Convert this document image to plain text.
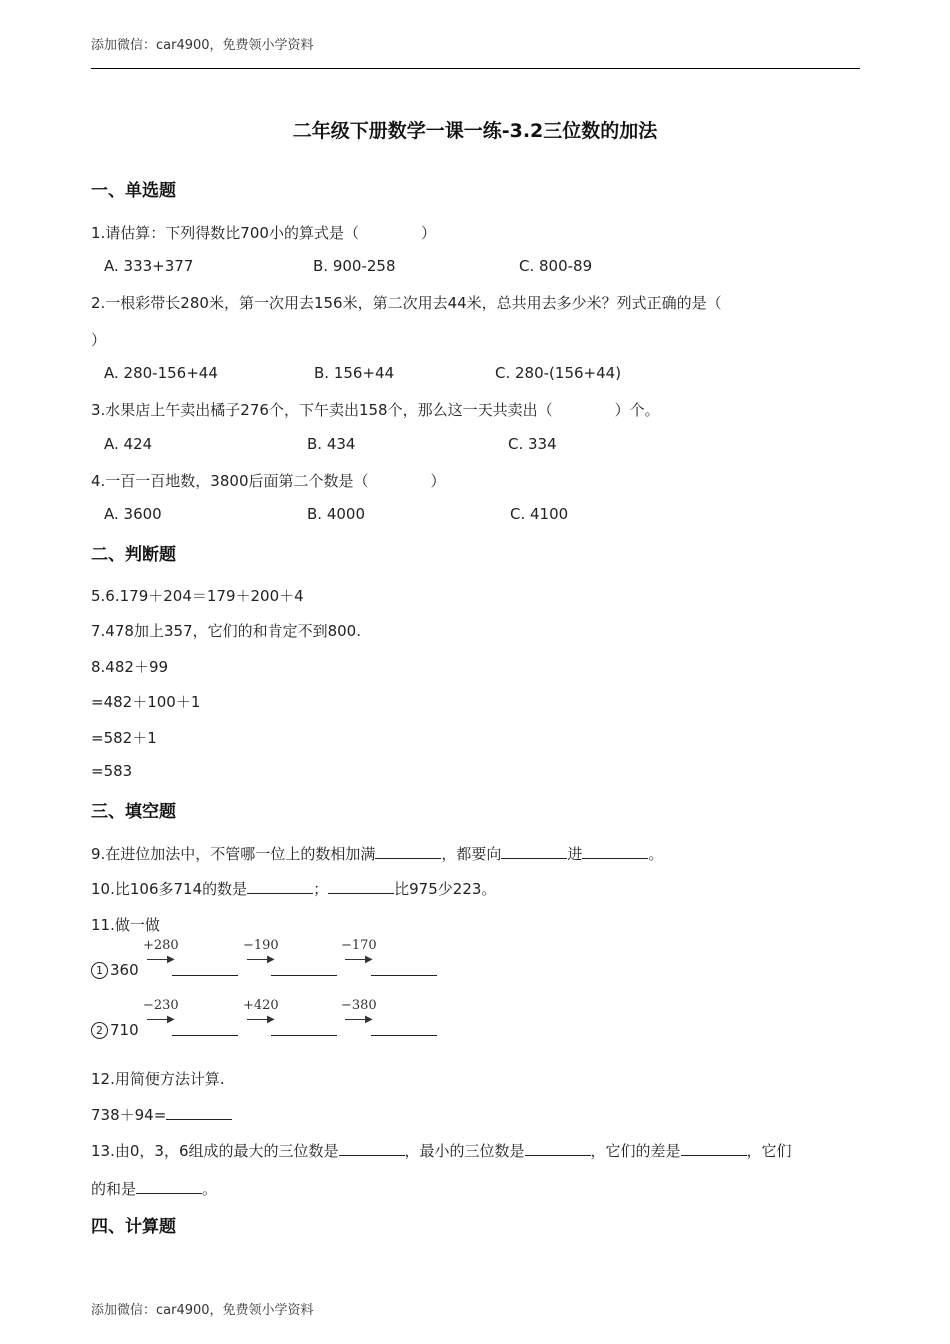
添加微信：car4900，免费领小学资料
二年级下册数学一课一练-3.2三位数的加法
一、单选题
1.请估算：下列得数比700小的算式是（	）
A. 333+377	B. 900-258	C. 800-89
2.一根彩带长280米，第一次用去156米，第二次用去44米，总共用去多少米？列式正确的是（
）
A. 280-156+44	B. 156+44	C. 280-(156+44)
3.水果店上午卖出橘子276个，下午卖出158个，那么这一天共卖出（	）个。
A. 424	B. 434	C. 334
4.一百一百地数，3800后面第二个数是（	）
A. 3600	B. 4000	C. 4100
二、判断题
5.6.179＋204＝179＋200＋4
7.478加上357，它们的和肯定不到800.
8.482＋99
=482＋100＋1
=582＋1
=583
三、填空题
9.在进位加法中，不管哪一位上的数相加满	，都要向	进	。
10.比106多714的数是	；	比975少223。
11.做一做
1 360
+280
▶
−190
▶
−170
▶
2 710
−230
▶
+420
▶
−380
▶
12.用简便方法计算.
738＋94=
13.由0，3，6组成的最大的三位数是	，最小的三位数是	，它们的差是	，它们
的和是	。
四、计算题
添加微信：car4900，免费领小学资料
